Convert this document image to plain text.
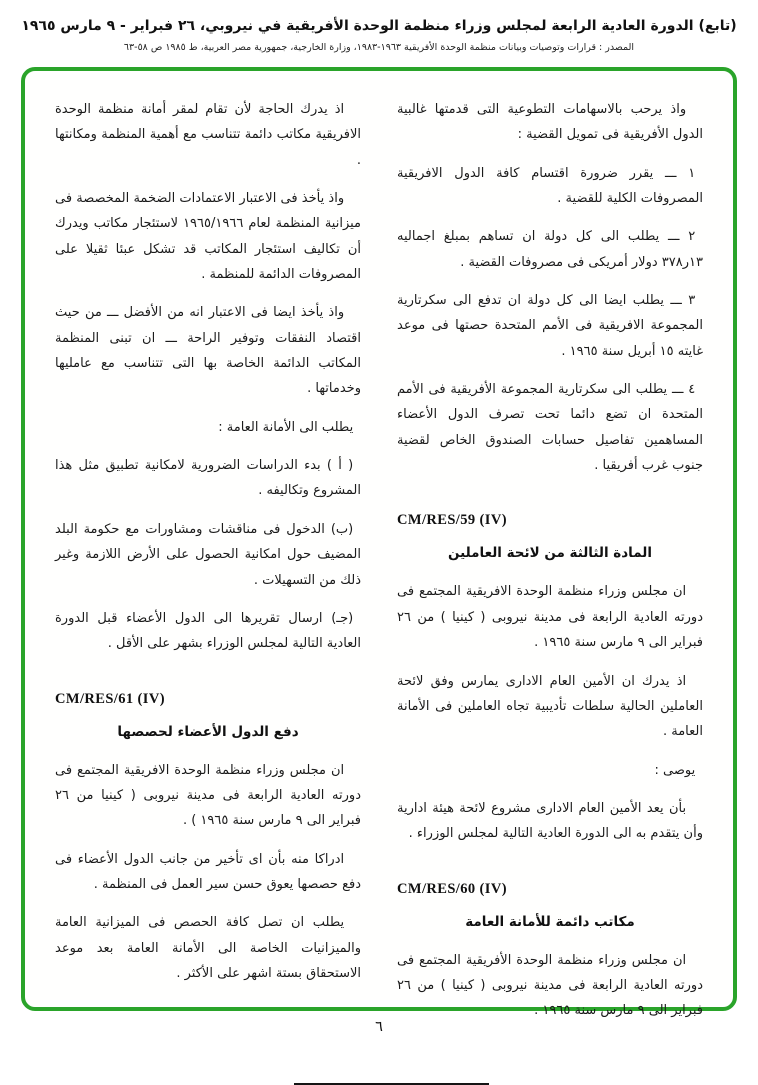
(تابع) الدورة العادية الرابعة لمجلس وزراء منظمة الوحدة الأفريقية في نيروبي، ٢٦ فبراير - ٩ مارس ١٩٦٥
المصدر : قرارات وتوصيات وبيانات منظمة الوحدة الأفريقية ١٩٦٣-١٩٨٣، وزارة الخارجية، جمهورية مصر العربية، ط ١٩٨٥ ص ٥٨-٦٣

واذ يرحب بالاسهامات التطوعية التى قدمتها غالبية الدول الأفريقية فى تمويل القضية :

١ ـــ يقرر ضرورة اقتسام كافة الدول الافريقية المصروفات الكلية للقضية .

٢ ـــ يطلب الى كل دولة ان تساهم بمبلغ اجماليه ١٣ر٣٧٨ دولار أمريكى فى مصروفات القضية .

٣ ـــ يطلب ايضا الى كل دولة ان تدفع الى سكرتارية المجموعة الافريقية فى الأمم المتحدة حصتها فى موعد غايته ١٥ أبريل سنة ١٩٦٥ .

٤ ـــ يطلب الى سكرتارية المجموعة الأفريقية فى الأمم المتحدة ان تضع دائما تحت تصرف الدول الأعضاء المساهمين تفاصيل حسابات الصندوق الخاص لقضية جنوب غرب أفريقيا .

CM/RES/59 (IV)
المادة الثالثة من لائحة العاملين

ان مجلس وزراء منظمة الوحدة الافريقية المجتمع فى دورته العادية الرابعة فى مدينة نيروبى ( كينيا ) من ٢٦ فبراير الى ٩ مارس سنة ١٩٦٥ .

اذ يدرك ان الأمين العام الادارى يمارس وفق لائحة العاملين الحالية سلطات تأديبية تجاه العاملين فى الأمانة العامة .

يوصى :

بأن يعد الأمين العام الادارى مشروع لائحة هيئة ادارية وأن يتقدم به الى الدورة العادية التالية لمجلس الوزراء .

CM/RES/60 (IV)
مكاتب دائمة للأمانة العامة

ان مجلس وزراء منظمة الوحدة الأفريقية المجتمع فى دورته العادية الرابعة فى مدينة نيروبى ( كينيا ) من ٢٦ فبراير الى ٩ مارس سنة ١٩٦٥ .

اذ يدرك الحاجة لأن تقام لمقر أمانة منظمة الوحدة الافريقية مكاتب دائمة تتناسب مع أهمية المنظمة ومكانتها .

واذ يأخذ فى الاعتبار الاعتمادات الضخمة المخصصة فى ميزانية المنظمة لعام ١٩٦٥/١٩٦٦ لاستئجار مكاتب ويدرك أن تكاليف استئجار المكاتب قد تشكل عبئا ثقيلا على المصروفات الدائمة للمنظمة .

واذ يأخذ ايضا فى الاعتبار انه من الأفضل ـــ من حيث اقتصاد النفقات وتوفير الراحة ـــ ان تبنى المنظمة المكاتب الدائمة الخاصة بها التى تتناسب مع عامليها وخدماتها .

يطلب الى الأمانة العامة :

( أ ) بدء الدراسات الضرورية لامكانية تطبيق مثل هذا المشروع وتكاليفه .

(ب) الدخول فى مناقشات ومشاورات مع حكومة البلد المضيف حول امكانية الحصول على الأرض اللازمة وغير ذلك من التسهيلات .

(جـ) ارسال تقريرها الى الدول الأعضاء قبل الدورة العادية التالية لمجلس الوزراء بشهر على الأقل .

CM/RES/61 (IV)
دفع الدول الأعضاء لحصصها

ان مجلس وزراء منظمة الوحدة الافريقية المجتمع فى دورته العادية الرابعة فى مدينة نيروبى ( كينيا من ٢٦ فبراير الى ٩ مارس سنة ١٩٦٥ ) .

ادراكا منه بأن اى تأخير من جانب الدول الأعضاء فى دفع حصصها يعوق حسن سير العمل فى المنظمة .

يطلب ان تصل كافة الحصص فى الميزانية العامة والميزانيات الخاصة الى الأمانة العامة بعد موعد الاستحقاق بستة اشهر على الأكثر .

٦
